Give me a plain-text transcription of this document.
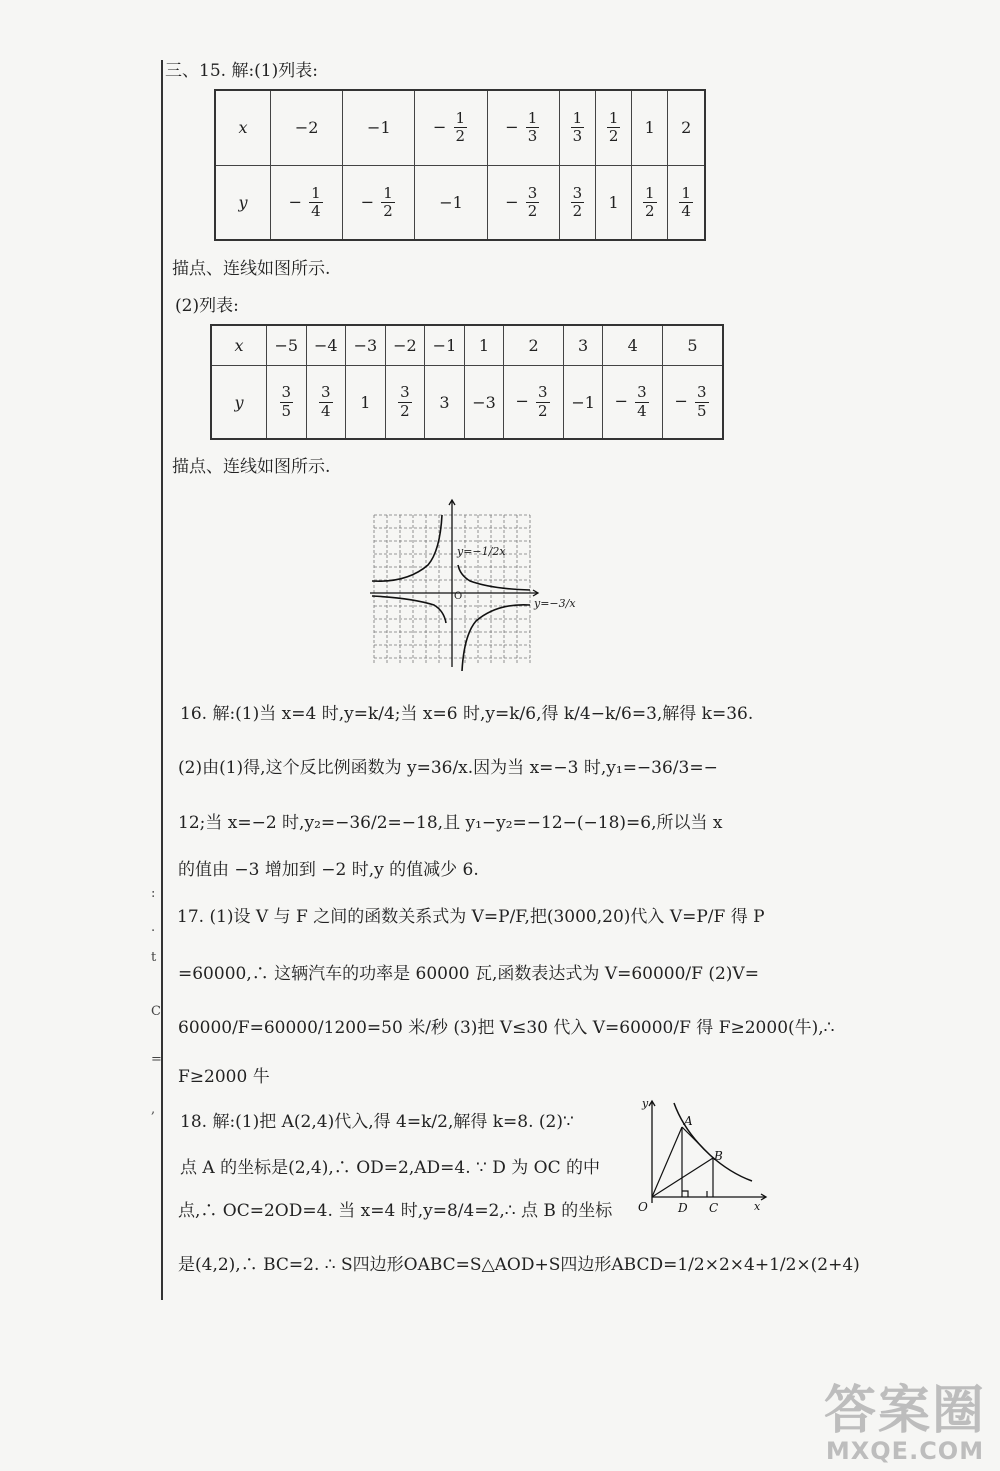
三、15. 解:(1)列表:
x	−2	−1	− $\frac{1}{2}$	− $\frac{1}{3}$	$\frac{1}{3}$	$\frac{1}{2}$	1	2
y	− $\frac{1}{4}$	− $\frac{1}{2}$	−1	− $\frac{3}{2}$	$\frac{3}{2}$	1	$\frac{1}{2}$	$\frac{1}{4}$
描点、连线如图所示.
(2)列表:
x	−5	−4	−3	−2	−1	1	2	3	4	5
y	$\frac{3}{5}$	$\frac{3}{4}$	1	$\frac{3}{2}$	3	−3	− $\frac{3}{2}$	−1	− $\frac{3}{4}$	− $\frac{3}{5}$
描点、连线如图所示.
y=−1/2x
y=−3/x
O
16. 解:(1)当 x=4 时,y=k/4;当 x=6 时,y=k/6,得 k/4−k/6=3,解得 k=36.
(2)由(1)得,这个反比例函数为 y=36/x.因为当 x=−3 时,y₁=−36/3=−
12;当 x=−2 时,y₂=−36/2=−18,且 y₁−y₂=−12−(−18)=6,所以当 x
的值由 −3 增加到 −2 时,y 的值减少 6.
17. (1)设 V 与 F 之间的函数关系式为 V=P/F,把(3000,20)代入 V=P/F 得 P
=60000,∴ 这辆汽车的功率是 60000 瓦,函数表达式为 V=60000/F (2)V=
60000/F=60000/1200=50 米/秒 (3)把 V≤30 代入 V=60000/F 得 F≥2000(牛),∴
F≥2000 牛
18. 解:(1)把 A(2,4)代入,得 4=k/2,解得 k=8. (2)∵
点 A 的坐标是(2,4),∴ OD=2,AD=4. ∵ D 为 OC 的中
点,∴ OC=2OD=4. 当 x=4 时,y=8/4=2,∴ 点 B 的坐标
是(4,2),∴ BC=2. ∴ S四边形OABC=S△AOD+S四边形ABCD=1/2×2×4+1/2×(2+4)
A
B
O	D C	x
y
:
.
t
C
=
,
答案圈
MXQE.COM
